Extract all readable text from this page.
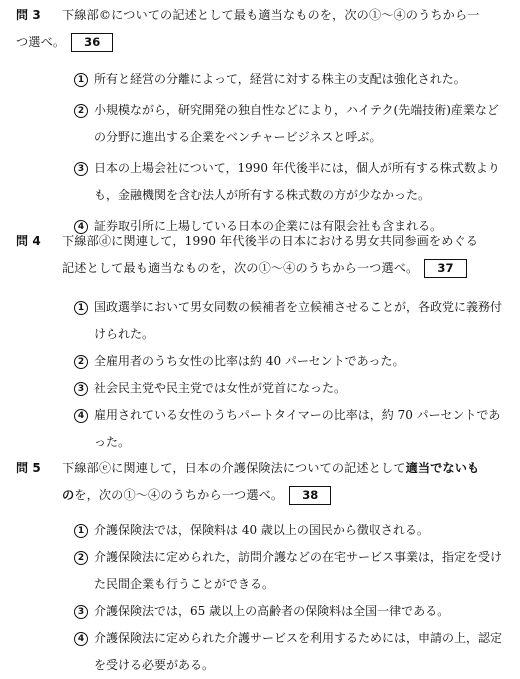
問 3 下線部©についての記述として最も適当なものを，次の①～④のうちから一
つ選べ。 36
1 所有と経営の分離によって，経営に対する株主の支配は強化された。
2 小規模ながら，研究開発の独自性などにより，ハイテク(先端技術)産業などの分野に進出する企業をベンチャービジネスと呼ぶ。
3 日本の上場会社について，1990 年代後半には，個人が所有する株式数よりも，金融機関を含む法人が所有する株式数の方が少なかった。
4 証券取引所に上場している日本の企業には有限会社も含まれる。
問 4 下線部ⓓに関連して，1990 年代後半の日本における男女共同参画をめぐる
記述として最も適当なものを，次の①～④のうちから一つ選べ。 37
1 国政選挙において男女同数の候補者を立候補させることが，各政党に義務付けられた。
2 全雇用者のうち女性の比率は約 40 パーセントであった。
3 社会民主党や民主党では女性が党首になった。
4 雇用されている女性のうちパートタイマーの比率は，約 70 パーセントであった。
問 5 下線部ⓔに関連して，日本の介護保険法についての記述として適当でないも
のを，次の①～④のうちから一つ選べ。 38
1 介護保険法では，保険料は 40 歳以上の国民から徴収される。
2 介護保険法に定められた，訪問介護などの在宅サービス事業は，指定を受けた民間企業も行うことができる。
3 介護保険法では，65 歳以上の高齢者の保険料は全国一律である。
4 介護保険法に定められた介護サービスを利用するためには，申請の上，認定を受ける必要がある。
